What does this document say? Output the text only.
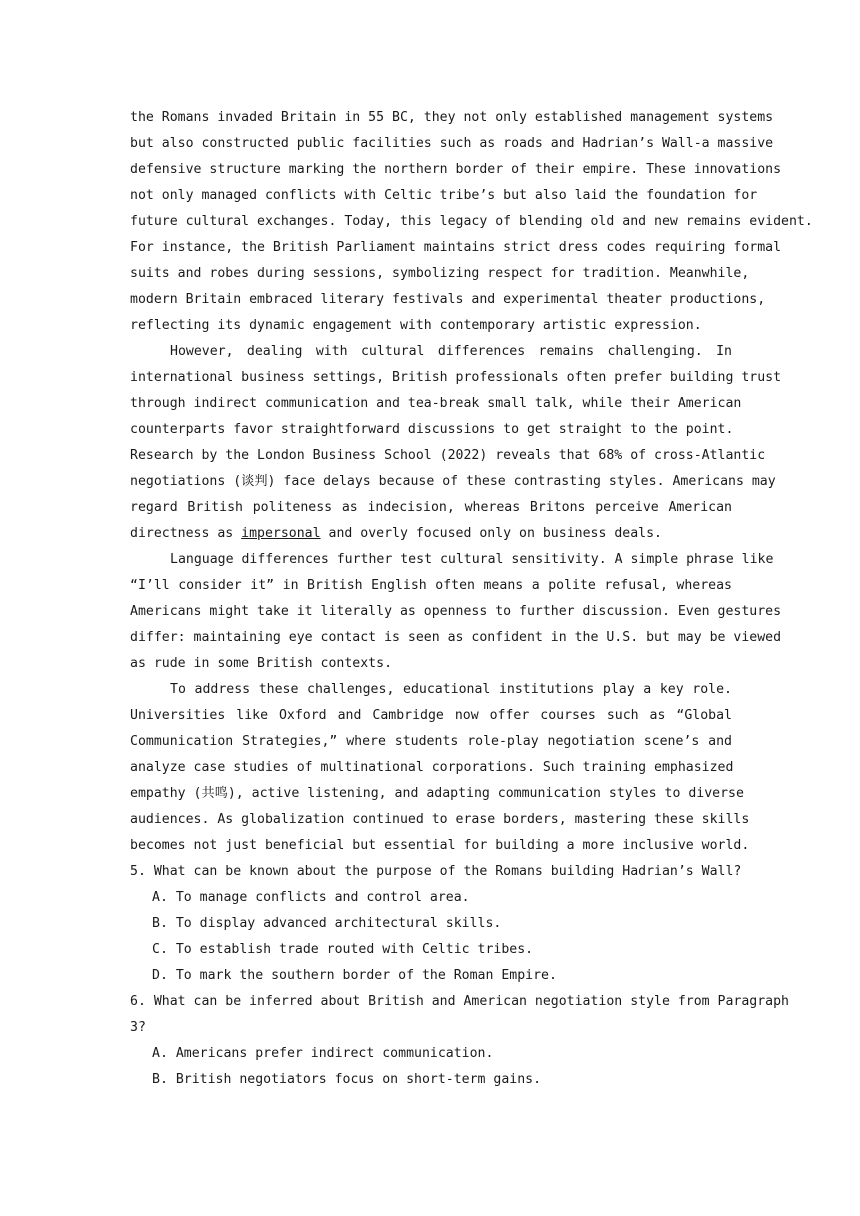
the Romans invaded Britain in 55 BC, they not only established management systems
but also constructed public facilities such as roads and Hadrian’s Wall-a massive
defensive structure marking the northern border of their empire. These innovations
not only managed conflicts with Celtic tribe’s but also laid the foundation for
future cultural exchanges. Today, this legacy of blending old and new remains evident.
For instance, the British Parliament maintains strict dress codes requiring formal
suits and robes during sessions, symbolizing respect for tradition. Meanwhile,
modern Britain embraced literary festivals and experimental theater productions,
reflecting its dynamic engagement with contemporary artistic expression.
However, dealing with cultural differences remains challenging. In
international business settings, British professionals often prefer building trust
through indirect communication and tea-break small talk, while their American
counterparts favor straightforward discussions to get straight to the point.
Research by the London Business School (2022) reveals that 68% of cross-Atlantic
negotiations (谈判) face delays because of these contrasting styles. Americans may
regard British politeness as indecision, whereas Britons perceive American
directness as impersonal and overly focused only on business deals.
Language differences further test cultural sensitivity. A simple phrase like
“I’ll consider it” in British English often means a polite refusal, whereas
Americans might take it literally as openness to further discussion. Even gestures
differ: maintaining eye contact is seen as confident in the U.S. but may be viewed
as rude in some British contexts.
To address these challenges, educational institutions play a key role.
Universities like Oxford and Cambridge now offer courses such as “Global
Communication Strategies,” where students role-play negotiation scene’s and
analyze case studies of multinational corporations. Such training emphasized
empathy (共鸣), active listening, and adapting communication styles to diverse
audiences. As globalization continued to erase borders, mastering these skills
becomes not just beneficial but essential for building a more inclusive world.
5. What can be known about the purpose of the Romans building Hadrian’s Wall?
A. To manage conflicts and control area.
B. To display advanced architectural skills.
C. To establish trade routed with Celtic tribes.
D. To mark the southern border of the Roman Empire.
6. What can be inferred about British and American negotiation style from Paragraph
3?
A. Americans prefer indirect communication.
B. British negotiators focus on short-term gains.
